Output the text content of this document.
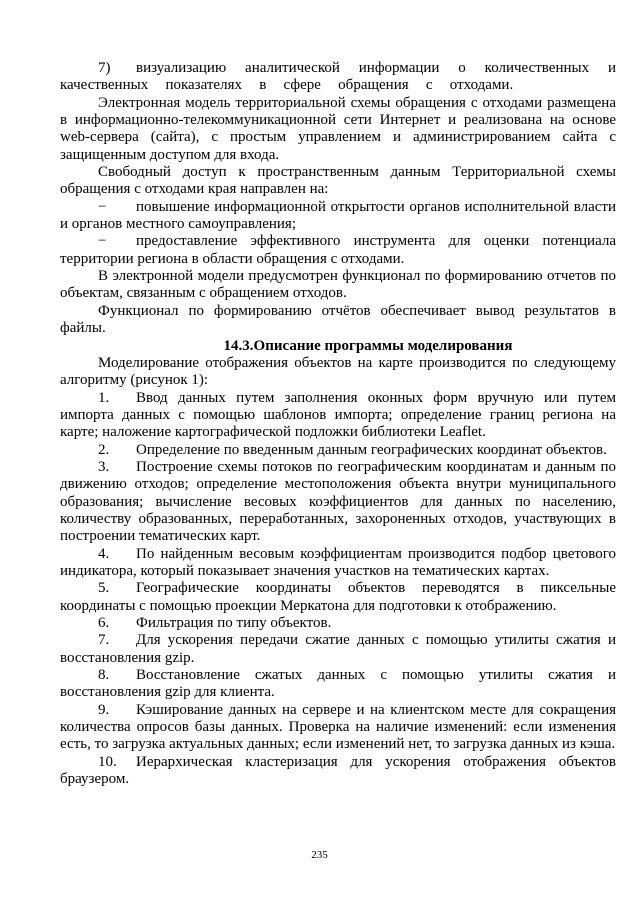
7) визуализацию аналитической информации о количественных и качественных показателях в сфере обращения с отходами.

Электронная модель территориальной схемы обращения с отходами размещена в информационно-телекоммуникационной сети Интернет и реализована на основе web-сервера (сайта), с простым управлением и администрированием сайта с защищенным доступом для входа.

Свободный доступ к пространственным данным Территориальной схемы обращения с отходами края направлен на:

− повышение информационной открытости органов исполнительной власти и органов местного самоуправления;

− предоставление эффективного инструмента для оценки потенциала территории региона в области обращения с отходами.

В электронной модели предусмотрен функционал по формированию отчетов по объектам, связанным с обращением отходов.

Функционал по формированию отчётов обеспечивает вывод результатов в файлы.

14.3.Описание программы моделирования

Моделирование отображения объектов на карте производится по следующему алгоритму (рисунок 1):

1. Ввод данных путем заполнения оконных форм вручную или путем импорта данных с помощью шаблонов импорта; определение границ региона на карте; наложение картографической подложки библиотеки Leaflet.

2. Определение по введенным данным географических координат объектов.

3. Построение схемы потоков по географическим координатам и данным по движению отходов; определение местоположения объекта внутри муниципального образования; вычисление весовых коэффициентов для данных по населению, количеству образованных, переработанных, захороненных отходов, участвующих в построении тематических карт.

4. По найденным весовым коэффициентам производится подбор цветового индикатора, который показывает значения участков на тематических картах.

5. Географические координаты объектов переводятся в пиксельные координаты с помощью проекции Меркатона для подготовки к отображению.

6. Фильтрация по типу объектов.

7. Для ускорения передачи сжатие данных с помощью утилиты сжатия и восстановления gzip.

8. Восстановление сжатых данных с помощью утилиты сжатия и восстановления gzip для клиента.

9. Кэширование данных на сервере и на клиентском месте для сокращения количества опросов базы данных. Проверка на наличие изменений: если изменения есть, то загрузка актуальных данных; если изменений нет, то загрузка данных из кэша.

10. Иерархическая кластеризация для ускорения отображения объектов браузером.

235
